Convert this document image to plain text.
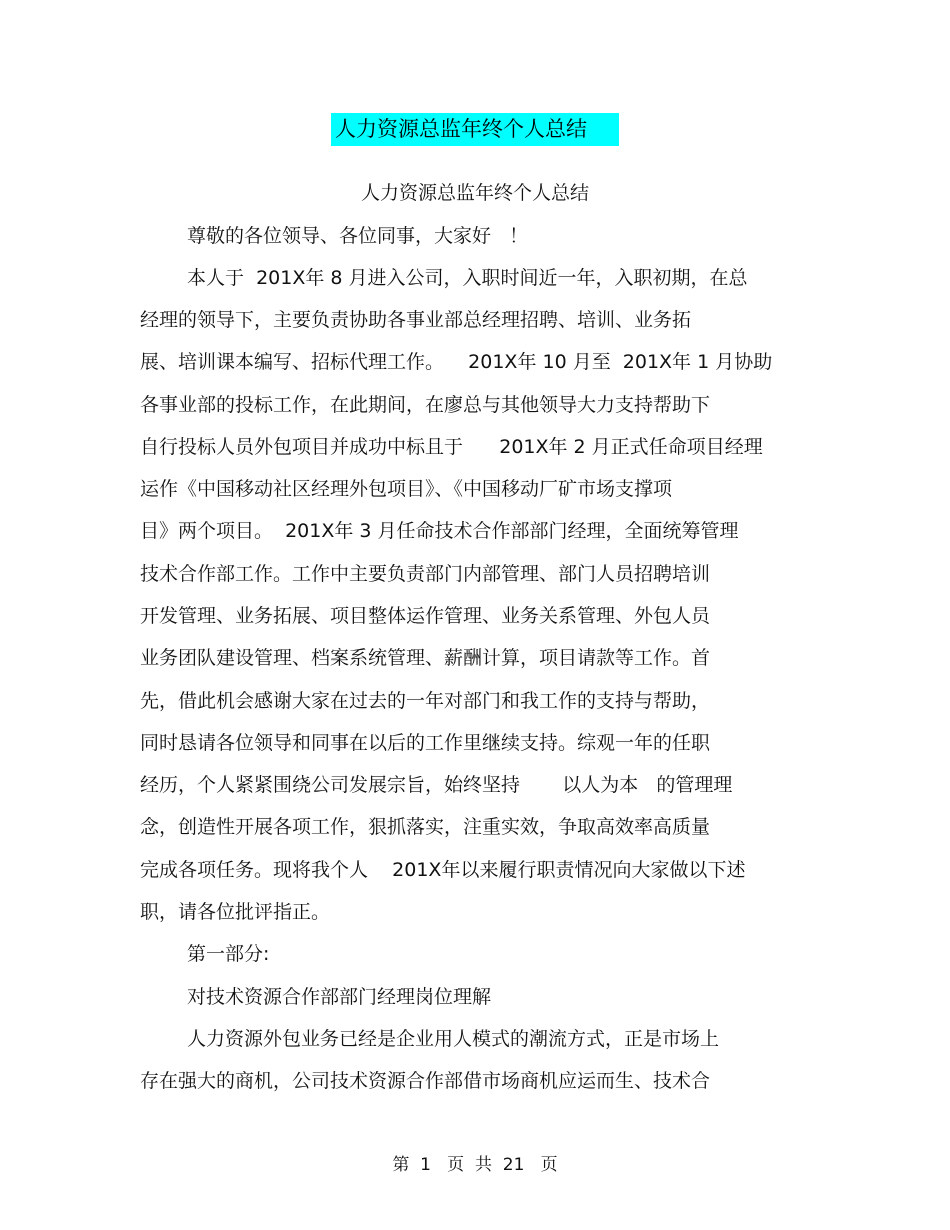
人力资源总监年终个人总结
人力资源总监年终个人总结
尊敬的各位领导、各位同事，大家好   ！
本人于  201X年 8 月进入公司，入职时间近一年，入职初期，在总
经理的领导下，主要负责协助各事业部总经理招聘、培训、业务拓
展、培训课本编写、招标代理工作。    201X年 10 月至  201X年 1 月协助
各事业部的投标工作，在此期间，在廖总与其他领导大力支持帮助下
自行投标人员外包项目并成功中标且于      201X年 2 月正式任命项目经理
运作《中国移动社区经理外包项目》、《中国移动厂矿市场支撑项
目》两个项目。  201X年 3 月任命技术合作部部门经理，全面统筹管理
技术合作部工作。工作中主要负责部门内部管理、部门人员招聘培训
开发管理、业务拓展、项目整体运作管理、业务关系管理、外包人员
业务团队建设管理、档案系统管理、薪酬计算，项目请款等工作。首
先，借此机会感谢大家在过去的一年对部门和我工作的支持与帮助，
同时恳请各位领导和同事在以后的工作里继续支持。综观一年的任职
经历，个人紧紧围绕公司发展宗旨，始终坚持       以人为本   的管理理
念，创造性开展各项工作，狠抓落实，注重实效，争取高效率高质量
完成各项任务。现将我个人    201X年以来履行职责情况向大家做以下述
职，请各位批评指正。
第一部分:
对技术资源合作部部门经理岗位理解
人力资源外包业务已经是企业用人模式的潮流方式，正是市场上
存在强大的商机，公司技术资源合作部借市场商机应运而生、技术合
第  1   页  共  21   页
